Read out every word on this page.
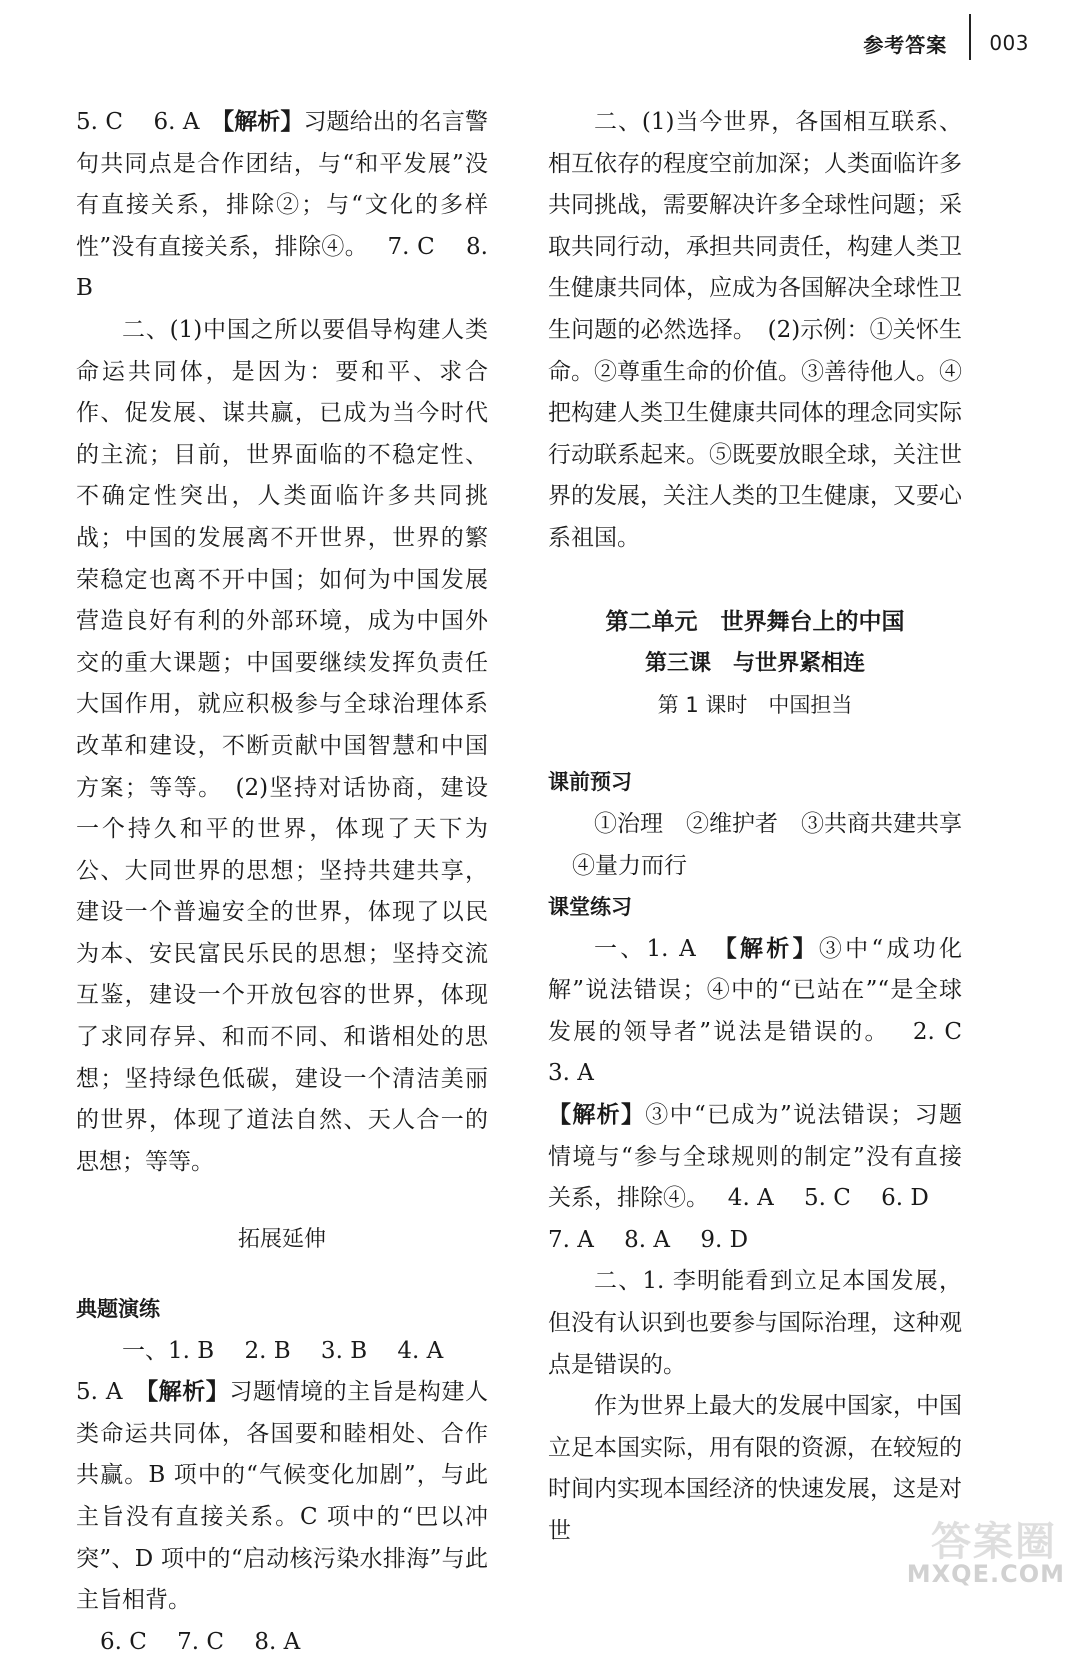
参考答案 003

5. C　 6. A　【解析】习题给出的名言警句共同点是合作团结，与“和平发展”没有直接关系，排除②；与“文化的多样性”没有直接关系，排除④。　 7. C　 8. B

二、(1)中国之所以要倡导构建人类命运共同体，是因为：要和平、求合作、促发展、谋共赢，已成为当今时代的主流；目前，世界面临的不稳定性、不确定性突出，人类面临许多共同挑战；中国的发展离不开世界，世界的繁荣稳定也离不开中国；如何为中国发展营造良好有利的外部环境，成为中国外交的重大课题；中国要继续发挥负责任大国作用，就应积极参与全球治理体系改革和建设，不断贡献中国智慧和中国方案；等等。　(2)坚持对话协商，建设一个持久和平的世界，体现了天下为公、大同世界的思想；坚持共建共享，建设一个普遍安全的世界，体现了以民为本、安民富民乐民的思想；坚持交流互鉴，建设一个开放包容的世界，体现了求同存异、和而不同、和谐相处的思想；坚持绿色低碳，建设一个清洁美丽的世界，体现了道法自然、天人合一的思想；等等。

拓展延伸

典题演练

一、1. B　 2. B　 3. B　 4. A

5. A　【解析】习题情境的主旨是构建人类命运共同体，各国要和睦相处、合作共赢。B 项中的“气候变化加剧”，与此主旨没有直接关系。C 项中的“巴以冲突”、D 项中的“启动核污染水排海”与此主旨相背。

6. C　 7. C　 8. A

二、(1)当今世界，各国相互联系、相互依存的程度空前加深；人类面临许多共同挑战，需要解决许多全球性问题；采取共同行动，承担共同责任，构建人类卫生健康共同体，应成为各国解决全球性卫生问题的必然选择。　(2)示例：①关怀生命。②尊重生命的价值。③善待他人。④把构建人类卫生健康共同体的理念同实际行动联系起来。⑤既要放眼全球，关注世界的发展，关注人类的卫生健康，又要心系祖国。

第二单元　世界舞台上的中国

第三课　与世界紧相连

第 1 课时　中国担当

课前预习

①治理　②维护者　③共商共建共享

④量力而行

课堂练习

一、1. A　【解析】③中“成功化解”说法错误；④中的“已站在”“是全球发展的领导者”说法是错误的。　 2. C　 3. A

【解析】③中“已成为”说法错误；习题情境与“参与全球规则的制定”没有直接关系，排除④。　 4. A　 5. C　 6. D

7. A　 8. A　 9. D

二、1. 李明能看到立足本国发展，但没有认识到也要参与国际治理，这种观点是错误的。

作为世界上最大的发展中国家，中国立足本国实际，用有限的资源，在较短的时间内实现本国经济的快速发展，这是对世	答案圈
MXQE.COM
